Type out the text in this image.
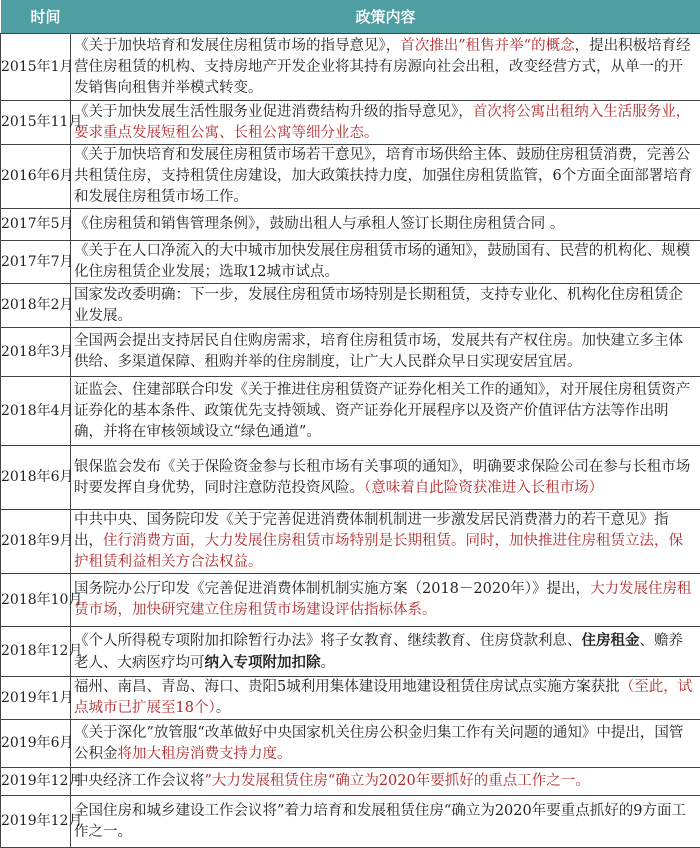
时间	政策内容
2015年1月	《关于加快培育和发展住房租赁市场的指导意见》，首次推出”租售并举“的概念，提出积极培育经营住房租赁的机构、支持房地产开发企业将其持有房源向社会出租，改变经营方式，从单一的开发销售向租售并举模式转变。
2015年11月	《关于加快发展生活性服务业促进消费结构升级的指导意见》，首次将公寓出租纳入生活服务业，要求重点发展短租公寓、长租公寓等细分业态。
2016年6月	《关于加快培育和发展住房租赁市场若干意见》，培育市场供给主体、鼓励住房租赁消费，完善公共租赁住房，支持租赁住房建设，加大政策扶持力度，加强住房租赁监管，6个方面全面部署培育和发展住房租赁市场工作。
2017年5月	《住房租赁和销售管理条例》，鼓励出租人与承租人签订长期住房租赁合同 。
2017年7月	《关于在人口净流入的大中城市加快发展住房租赁市场的通知》，鼓励国有、民营的机构化、规模化住房租赁企业发展；选取12城市试点。
2018年2月	国家发改委明确：下一步，发展住房租赁市场特别是长期租赁，支持专业化、机构化住房租赁企业发展。
2018年3月	全国两会提出支持居民自住购房需求，培育住房租赁市场，发展共有产权住房。加快建立多主体供给、多渠道保障、租购并举的住房制度，让广大人民群众早日实现安居宜居。
2018年4月	证监会、住建部联合印发《关于推进住房租赁资产证券化相关工作的通知》，对开展住房租赁资产证券化的基本条件、政策优先支持领域、资产证券化开展程序以及资产价值评估方法等作出明确，并将在审核领域设立“绿色通道”。
2018年6月	银保监会发布《关于保险资金参与长租市场有关事项的通知》，明确要求保险公司在参与长租市场时要发挥自身优势，同时注意防范投资风险。（意味着自此险资获准进入长租市场）
2018年9月	中共中央、国务院印发《关于完善促进消费体制机制进一步激发居民消费潜力的若干意见》指出，住行消费方面，大力发展住房租赁市场特别是长期租赁。同时，加快推进住房租赁立法，保护租赁利益相关方合法权益。
2018年10月	国务院办公厅印发《完善促进消费体制机制实施方案（2018－2020年）》提出，大力发展住房租赁市场，加快研究建立住房租赁市场建设评估指标体系。
2018年12月	《个人所得税专项附加扣除暂行办法》将子女教育、继续教育、住房贷款利息、住房租金、赡养老人、大病医疗均可纳入专项附加扣除。
2019年1月	福州、南昌、青岛、海口、贵阳5城利用集体建设用地建设租赁住房试点实施方案获批（至此，试点城市已扩展至18个）。
2019年6月	《关于深化”放管服“改革做好中央国家机关住房公积金归集工作有关问题的通知》中提出，国管公积金将加大租房消费支持力度。
2019年12月	中央经济工作会议将”大力发展租赁住房“确立为2020年要抓好的重点工作之一。
2019年12月	全国住房和城乡建设工作会议将”着力培育和发展租赁住房“确立为2020年要重点抓好的9方面工作之一。
